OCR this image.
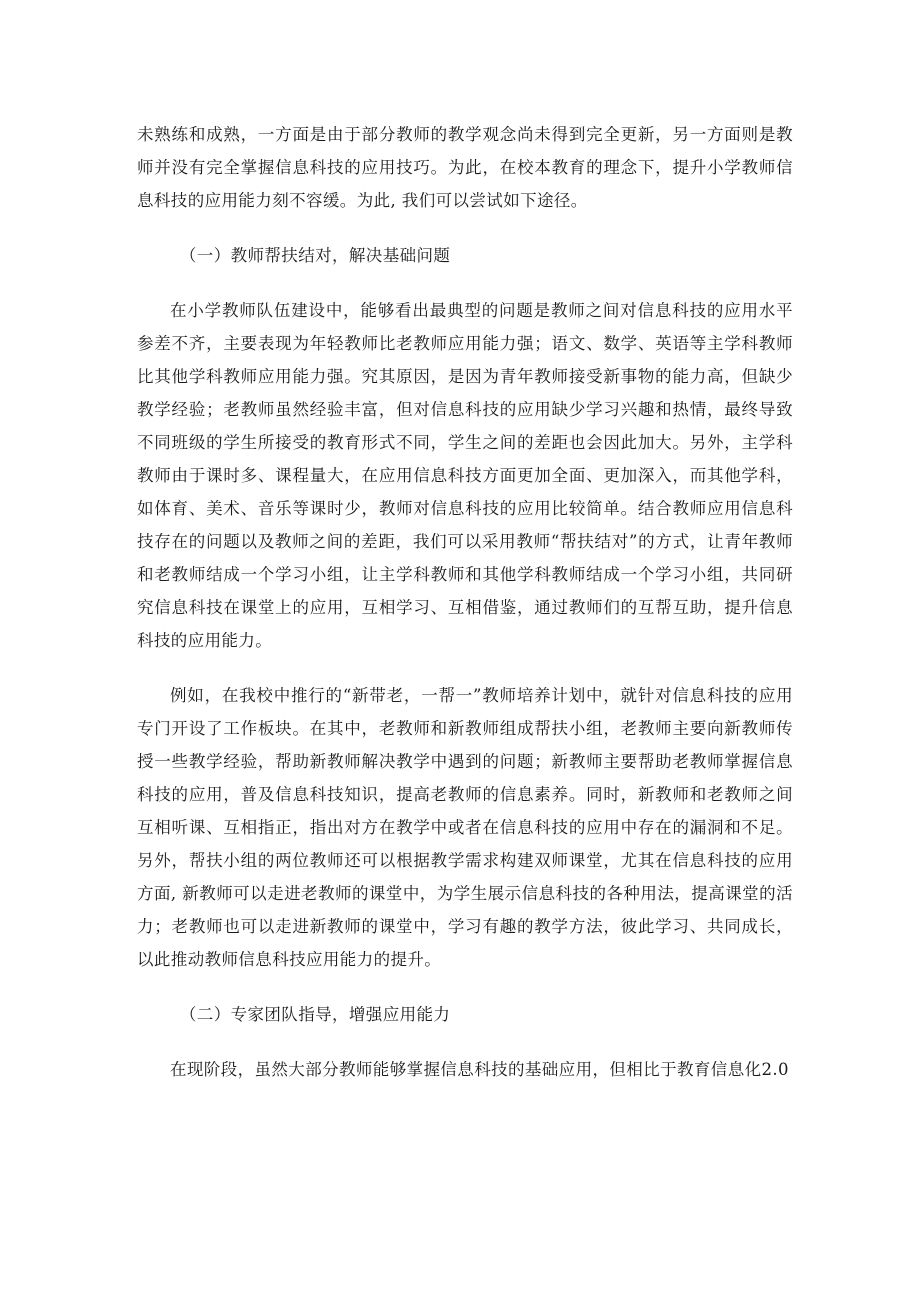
未熟练和成熟，一方面是由于部分教师的教学观念尚未得到完全更新，另一方面则是教师并没有完全掌握信息科技的应用技巧。为此，在校本教育的理念下，提升小学教师信息科技的应用能力刻不容缓。为此, 我们可以尝试如下途径。

（一）教师帮扶结对，解决基础问题

在小学教师队伍建设中，能够看出最典型的问题是教师之间对信息科技的应用水平参差不齐，主要表现为年轻教师比老教师应用能力强；语文、数学、英语等主学科教师比其他学科教师应用能力强。究其原因，是因为青年教师接受新事物的能力高，但缺少教学经验；老教师虽然经验丰富，但对信息科技的应用缺少学习兴趣和热情，最终导致不同班级的学生所接受的教育形式不同，学生之间的差距也会因此加大。另外，主学科教师由于课时多、课程量大，在应用信息科技方面更加全面、更加深入，而其他学科，如体育、美术、音乐等课时少，教师对信息科技的应用比较简单。结合教师应用信息科技存在的问题以及教师之间的差距，我们可以采用教师“帮扶结对”的方式，让青年教师和老教师结成一个学习小组，让主学科教师和其他学科教师结成一个学习小组，共同研究信息科技在课堂上的应用，互相学习、互相借鉴，通过教师们的互帮互助，提升信息科技的应用能力。

例如，在我校中推行的“新带老，一帮一”教师培养计划中，就针对信息科技的应用专门开设了工作板块。在其中，老教师和新教师组成帮扶小组，老教师主要向新教师传授一些教学经验，帮助新教师解决教学中遇到的问题；新教师主要帮助老教师掌握信息科技的应用，普及信息科技知识，提高老教师的信息素养。同时，新教师和老教师之间互相听课、互相指正，指出对方在教学中或者在信息科技的应用中存在的漏洞和不足。另外，帮扶小组的两位教师还可以根据教学需求构建双师课堂，尤其在信息科技的应用方面, 新教师可以走进老教师的课堂中，为学生展示信息科技的各种用法，提高课堂的活力；老教师也可以走进新教师的课堂中，学习有趣的教学方法，彼此学习、共同成长，以此推动教师信息科技应用能力的提升。

（二）专家团队指导，增强应用能力

在现阶段，虽然大部分教师能够掌握信息科技的基础应用，但相比于教育信息化2.0
